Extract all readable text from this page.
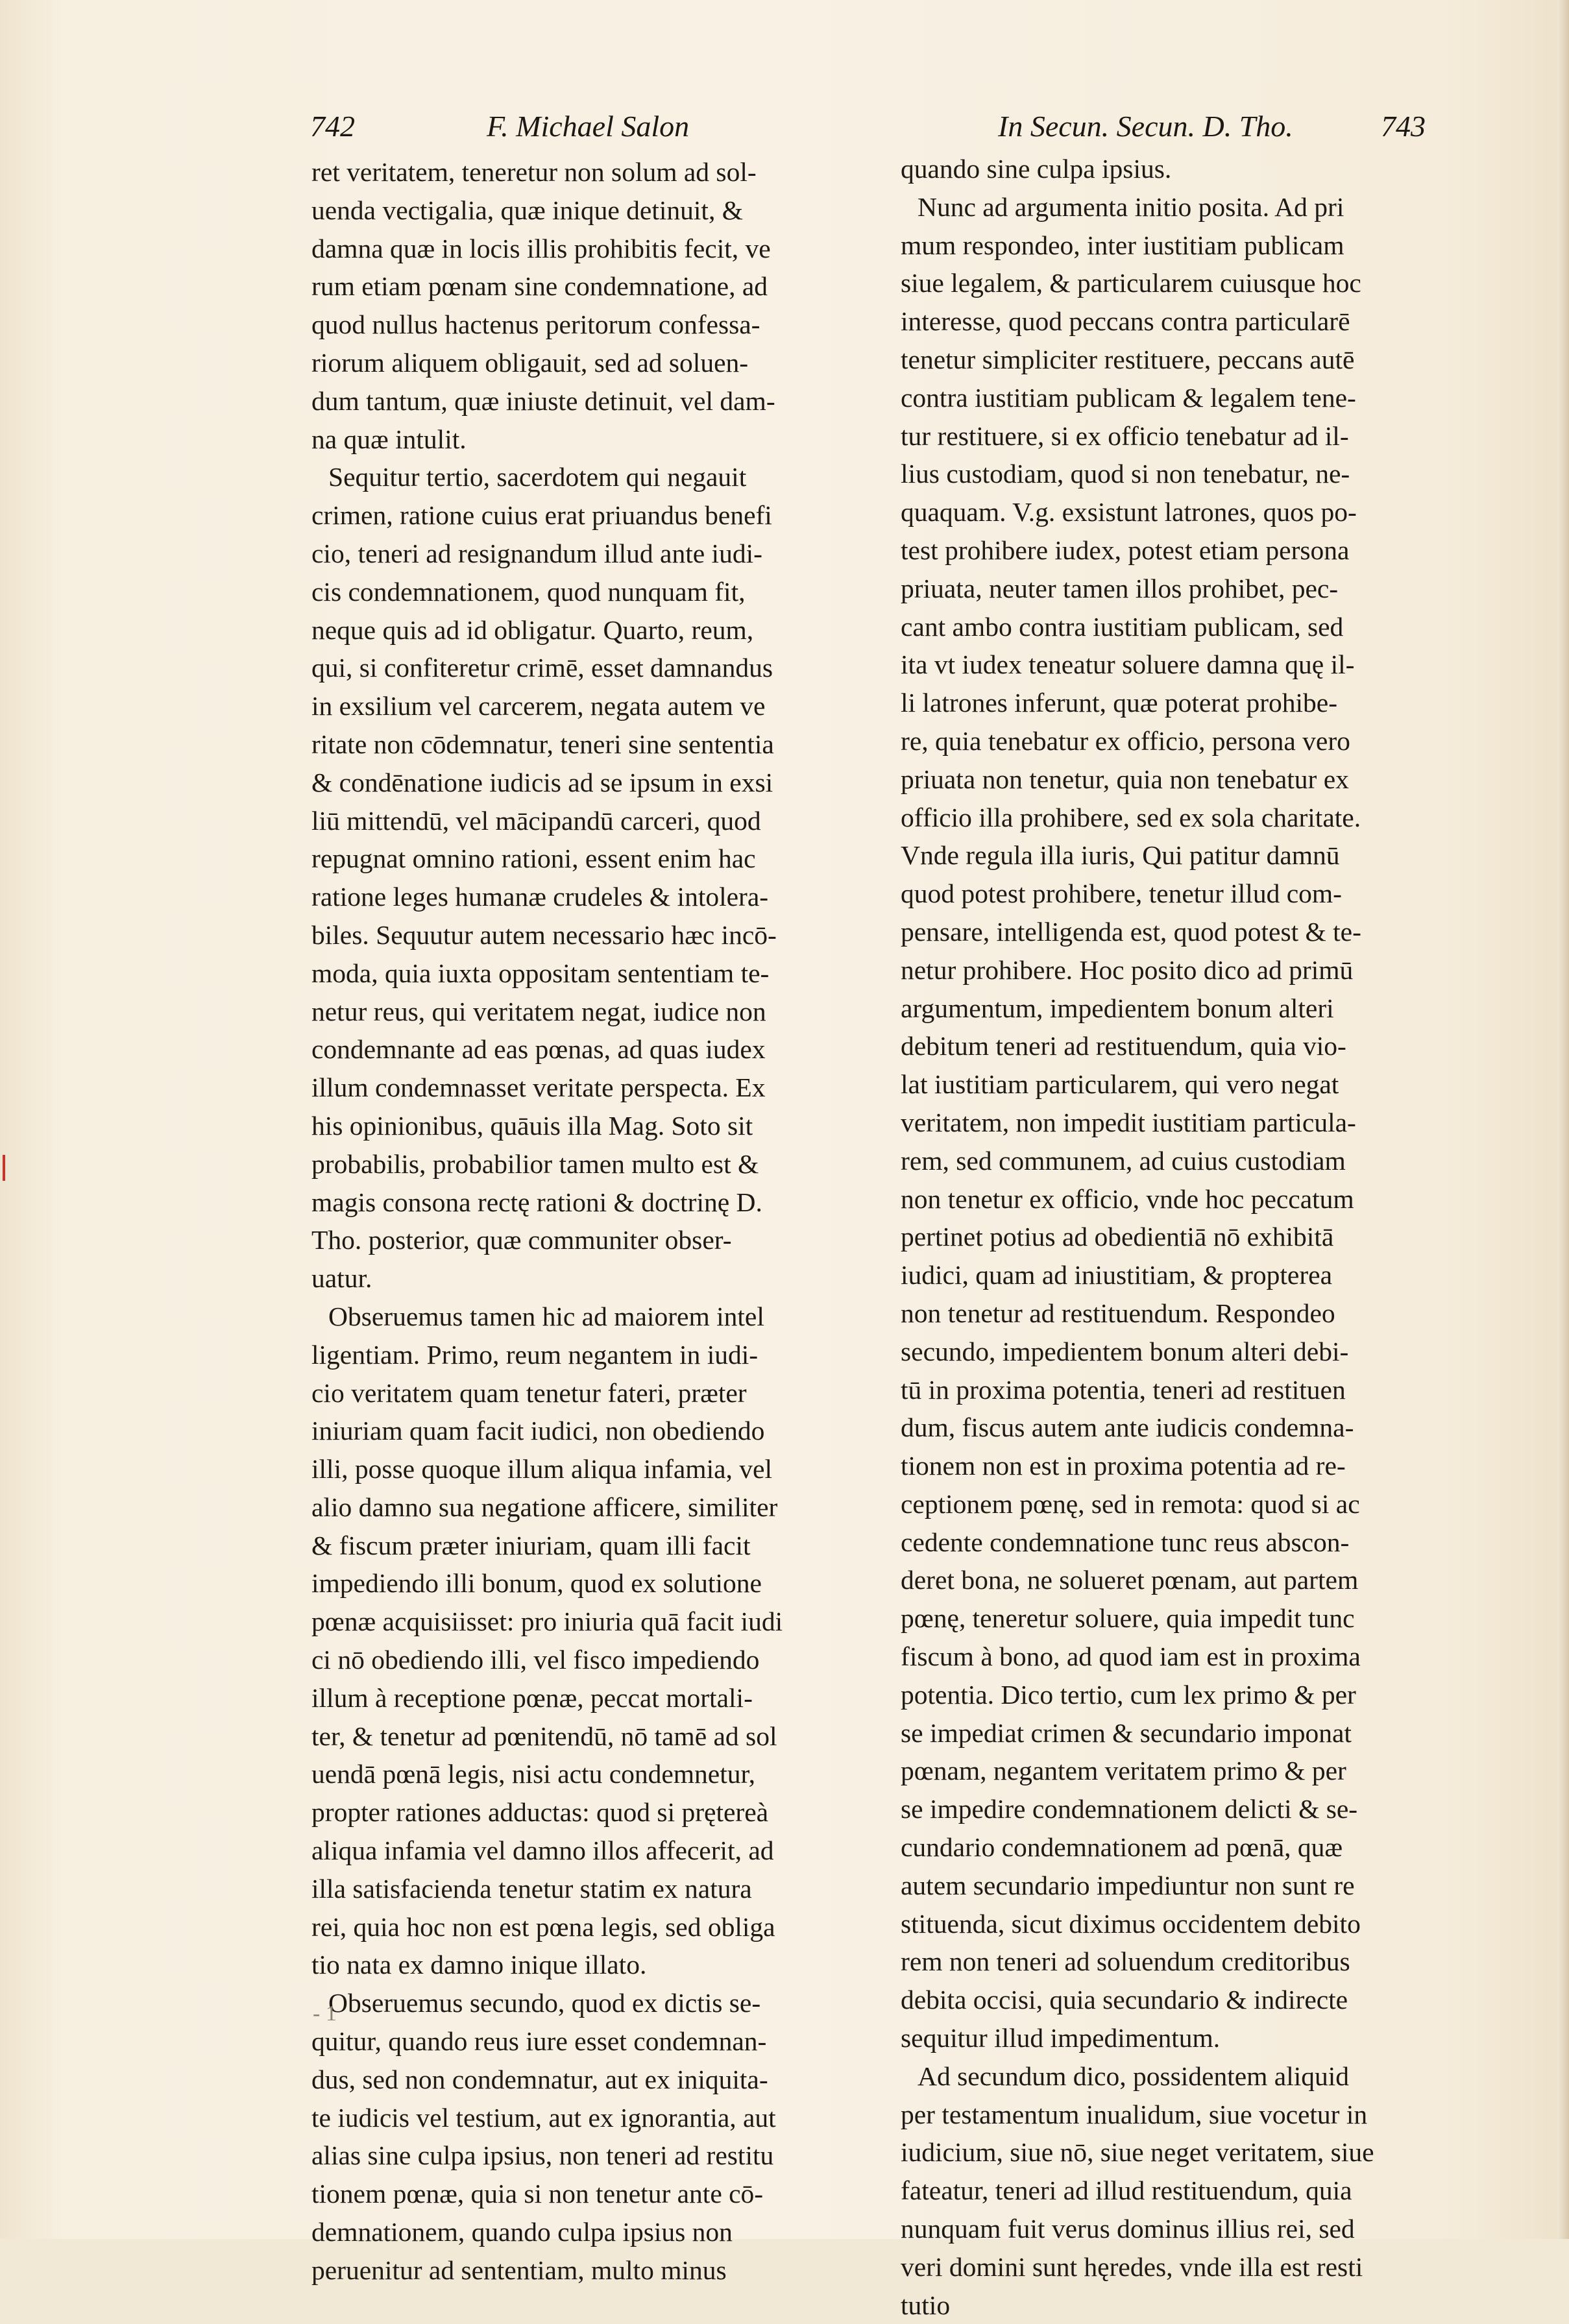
742	F. Michael Salon	In Secun. Secun. D. Tho.	743
ret veritatem, teneretur non solum ad sol-
uenda vectigalia, quæ inique detinuit, &
damna quæ in locis illis prohibitis fecit, ve
rum etiam pœnam sine condemnatione, ad
quod nullus hactenus peritorum confessa-
riorum aliquem obligauit, sed ad soluen-
dum tantum, quæ iniuste detinuit, vel dam-
na quæ intulit.
Sequitur tertio, sacerdotem qui negauit
crimen, ratione cuius erat priuandus benefi
cio, teneri ad resignandum illud ante iudi-
cis condemnationem, quod nunquam fit,
neque quis ad id obligatur. Quarto, reum,
qui, si confiteretur crimē, esset damnandus
in exsilium vel carcerem, negata autem ve
ritate non cōdemnatur, teneri sine sententia
& condēnatione iudicis ad se ipsum in exsi
liū mittendū, vel mācipandū carceri, quod
repugnat omnino rationi, essent enim hac
ratione leges humanæ crudeles & intolera-
biles. Sequutur autem necessario hæc incō-
moda, quia iuxta oppositam sententiam te-
netur reus, qui veritatem negat, iudice non
condemnante ad eas pœnas, ad quas iudex
illum condemnasset veritate perspecta. Ex
his opinionibus, quāuis illa Mag. Soto sit
probabilis, probabilior tamen multo est &
magis consona rectę rationi & doctrinę D.
Tho. posterior, quæ communiter obser-
uatur.
Obseruemus tamen hic ad maiorem intel
ligentiam. Primo, reum negantem in iudi-
cio veritatem quam tenetur fateri, præter
iniuriam quam facit iudici, non obediendo
illi, posse quoque illum aliqua infamia, vel
alio damno sua negatione afficere, similiter
& fiscum præter iniuriam, quam illi facit
impediendo illi bonum, quod ex solutione
pœnæ acquisiisset: pro iniuria quā facit iudi
ci nō obediendo illi, vel fisco impediendo
illum à receptione pœnæ, peccat mortali-
ter, & tenetur ad pœnitendū, nō tamē ad sol
uendā pœnā legis, nisi actu condemnetur,
propter rationes adductas: quod si prętereà
aliqua infamia vel damno illos affecerit, ad
illa satisfacienda tenetur statim ex natura
rei, quia hoc non est pœna legis, sed obliga
tio nata ex damno inique illato.
Obseruemus secundo, quod ex dictis se-
quitur, quando reus iure esset condemnan-
dus, sed non condemnatur, aut ex iniquita-
te iudicis vel testium, aut ex ignorantia, aut
alias sine culpa ipsius, non teneri ad restitu
tionem pœnæ, quia si non tenetur ante cō-
demnationem, quando culpa ipsius non
peruenitur ad sententiam, multo minus
quando sine culpa ipsius.
Nunc ad argumenta initio posita. Ad pri
mum respondeo, inter iustitiam publicam
siue legalem, & particularem cuiusque hoc
interesse, quod peccans contra particularē
tenetur simpliciter restituere, peccans autē
contra iustitiam publicam & legalem tene-
tur restituere, si ex officio tenebatur ad il-
lius custodiam, quod si non tenebatur, ne-
quaquam. V.g. exsistunt latrones, quos po-
test prohibere iudex, potest etiam persona
priuata, neuter tamen illos prohibet, pec-
cant ambo contra iustitiam publicam, sed
ita vt iudex teneatur soluere damna quę il-
li latrones inferunt, quæ poterat prohibe-
re, quia tenebatur ex officio, persona vero
priuata non tenetur, quia non tenebatur ex
officio illa prohibere, sed ex sola charitate.
Vnde regula illa iuris, Qui patitur damnū
quod potest prohibere, tenetur illud com-
pensare, intelligenda est, quod potest & te-
netur prohibere. Hoc posito dico ad primū
argumentum, impedientem bonum alteri
debitum teneri ad restituendum, quia vio-
lat iustitiam particularem, qui vero negat
veritatem, non impedit iustitiam particula-
rem, sed communem, ad cuius custodiam
non tenetur ex officio, vnde hoc peccatum
pertinet potius ad obedientiā nō exhibitā
iudici, quam ad iniustitiam, & propterea
non tenetur ad restituendum. Respondeo
secundo, impedientem bonum alteri debi-
tū in proxima potentia, teneri ad restituen
dum, fiscus autem ante iudicis condemna-
tionem non est in proxima potentia ad re-
ceptionem pœnę, sed in remota: quod si ac
cedente condemnatione tunc reus abscon-
deret bona, ne solueret pœnam, aut partem
pœnę, teneretur soluere, quia impedit tunc
fiscum à bono, ad quod iam est in proxima
potentia. Dico tertio, cum lex primo & per
se impediat crimen & secundario imponat
pœnam, negantem veritatem primo & per
se impedire condemnationem delicti & se-
cundario condemnationem ad pœnā, quæ
autem secundario impediuntur non sunt re
stituenda, sicut diximus occidentem debito
rem non teneri ad soluendum creditoribus
debita occisi, quia secundario & indirecte
sequitur illud impedimentum.
Ad secundum dico, possidentem aliquid
per testamentum inualidum, siue vocetur in
iudicium, siue nō, siue neget veritatem, siue
fateatur, teneri ad illud restituendum, quia
nunquam fuit verus dominus illius rei, sed
veri domini sunt hęredes, vnde illa est resti
tutio
- 1
